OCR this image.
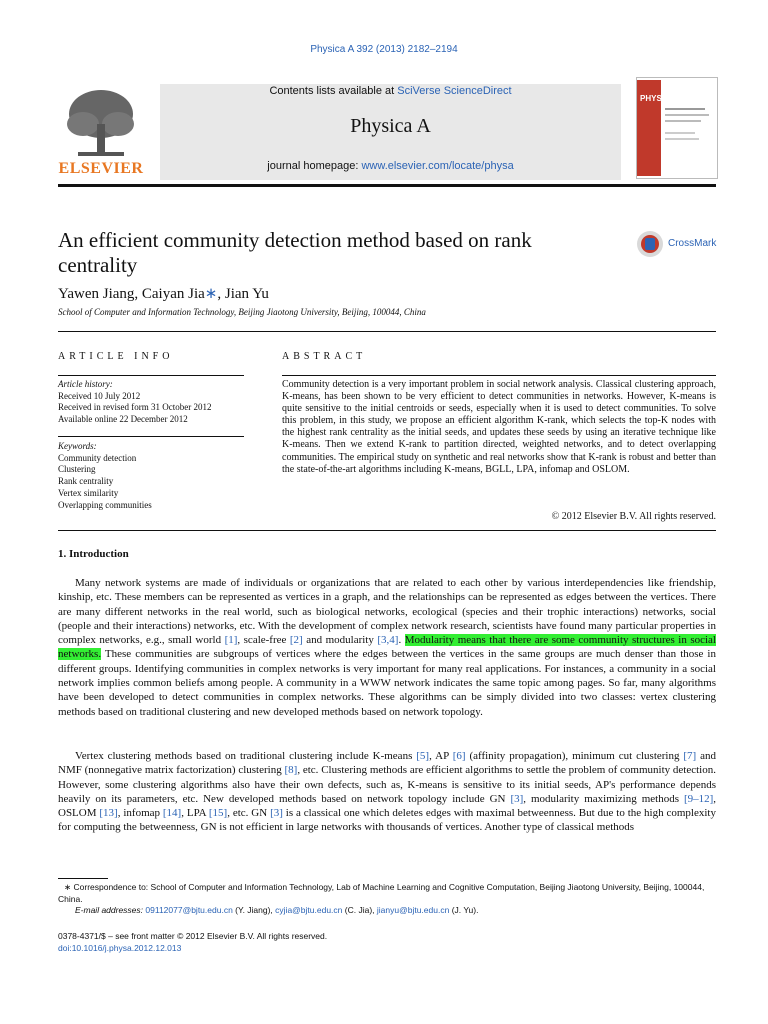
Physica A 392 (2013) 2182–2194
ELSEVIER
Contents lists available at SciVerse ScienceDirect
Physica A
journal homepage: www.elsevier.com/locate/physa
PHYSICA
An efficient community detection method based on rank centrality
CrossMark
Yawen Jiang, Caiyan Jia∗, Jian Yu
School of Computer and Information Technology, Beijing Jiaotong University, Beijing, 100044, China
ARTICLE INFO
Article history:
Received 10 July 2012
Received in revised form 31 October 2012
Available online 22 December 2012
Keywords:
Community detection
Clustering
Rank centrality
Vertex similarity
Overlapping communities
ABSTRACT
Community detection is a very important problem in social network analysis. Classical clustering approach, K-means, has been shown to be very efficient to detect communities in networks. However, K-means is quite sensitive to the initial centroids or seeds, especially when it is used to detect communities. To solve this problem, in this study, we propose an efficient algorithm K-rank, which selects the top-K nodes with the highest rank centrality as the initial seeds, and updates these seeds by using an iterative technique like K-means. Then we extend K-rank to partition directed, weighted networks, and to detect overlapping communities. The empirical study on synthetic and real networks show that K-rank is robust and better than the state-of-the-art algorithms including K-means, BGLL, LPA, infomap and OSLOM.
© 2012 Elsevier B.V. All rights reserved.
1. Introduction
Many network systems are made of individuals or organizations that are related to each other by various interdependencies like friendship, kinship, etc. These members can be represented as vertices in a graph, and the relationships can be represented as edges between the vertices. There are many different networks in the real world, such as biological networks, ecological (species and their trophic interactions) networks, social (people and their interactions) networks, etc. With the development of complex network research, scientists have found many particular properties in complex networks, e.g., small world [1], scale-free [2] and modularity [3,4]. Modularity means that there are some community structures in social networks. These communities are subgroups of vertices where the edges between the vertices in the same groups are much denser than those in different groups. Identifying communities in complex networks is very important for many real applications. For instances, a community in a social network implies common beliefs among people. A community in a WWW network indicates the same topic among pages. So far, many algorithms have been developed to detect communities in complex networks. These algorithms can be simply divided into two classes: vertex clustering methods based on traditional clustering and new developed methods based on network topology.
Vertex clustering methods based on traditional clustering include K-means [5], AP [6] (affinity propagation), minimum cut clustering [7] and NMF (nonnegative matrix factorization) clustering [8], etc. Clustering methods are efficient algorithms to settle the problem of community detection. However, some clustering algorithms also have their own defects, such as, K-means is sensitive to its initial seeds, AP's performance depends heavily on its parameters, etc. New developed methods based on network topology include GN [3], modularity maximizing methods [9–12], OSLOM [13], infomap [14], LPA [15], etc. GN [3] is a classical one which deletes edges with maximal betweenness. But due to the high complexity for computing the betweenness, GN is not efficient in large networks with thousands of vertices. Another type of classical methods
∗ Correspondence to: School of Computer and Information Technology, Lab of Machine Learning and Cognitive Computation, Beijing Jiaotong University, Beijing, 100044, China.
E-mail addresses: 09112077@bjtu.edu.cn (Y. Jiang), cyjia@bjtu.edu.cn (C. Jia), jianyu@bjtu.edu.cn (J. Yu).
0378-4371/$ – see front matter © 2012 Elsevier B.V. All rights reserved.
doi:10.1016/j.physa.2012.12.013
